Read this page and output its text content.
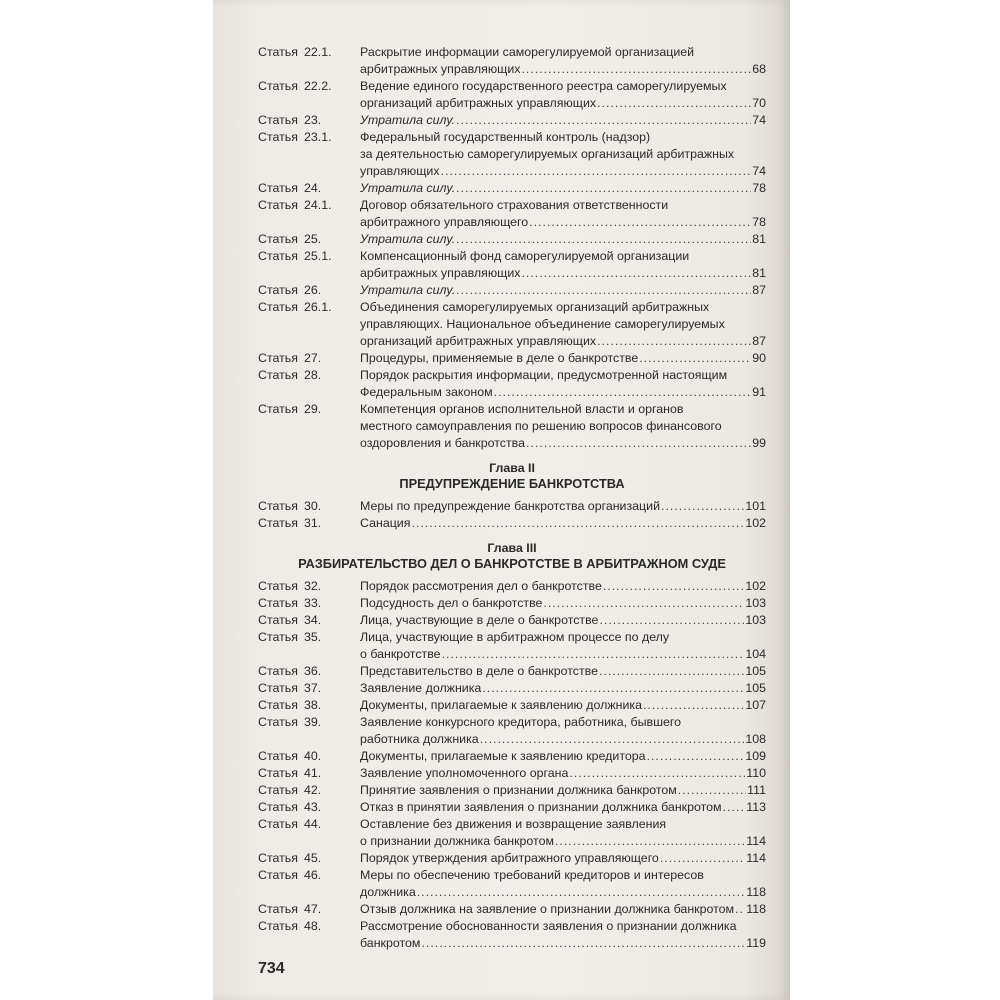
Статья 22.1.	Раскрытие информации саморегулируемой организацией
арбитражных управляющих .....	68
Статья 22.2.	Ведение единого государственного реестра саморегулируемых
организаций арбитражных управляющих .....	70
Статья 23.	Утратила силу. .....	74
Статья 23.1.	Федеральный государственный контроль (надзор)
за деятельностью саморегулируемых организаций арбитражных
управляющих .....	74
Статья 24.	Утратила силу. .....	78
Статья 24.1.	Договор обязательного страхования ответственности
арбитражного управляющего .....	78
Статья 25.	Утратила силу. .....	81
Статья 25.1.	Компенсационный фонд саморегулируемой организации
арбитражных управляющих .....	81
Статья 26.	Утратила силу. .....	87
Статья 26.1.	Объединения саморегулируемых организаций арбитражных
управляющих. Национальное объединение саморегулируемых
организаций арбитражных управляющих .....	87
Статья 27.	Процедуры, применяемые в деле о банкротстве .....	90
Статья 28.	Порядок раскрытия информации, предусмотренной настоящим
Федеральным законом .....	91
Статья 29.	Компетенция органов исполнительной власти и органов
местного самоуправления по решению вопросов финансового
оздоровления и банкротства .....	99
Глава II
ПРЕДУПРЕЖДЕНИЕ БАНКРОТСТВА
Статья 30.	Меры по предупреждение банкротства организаций .....	101
Статья 31.	Санация .....	102
Глава III
РАЗБИРАТЕЛЬСТВО ДЕЛ О БАНКРОТСТВЕ В АРБИТРАЖНОМ СУДЕ
Статья 32.	Порядок рассмотрения дел о банкротстве .....	102
Статья 33.	Подсудность дел о банкротстве .....	103
Статья 34.	Лица, участвующие в деле о банкротстве .....	103
Статья 35.	Лица, участвующие в арбитражном процессе по делу
о банкротстве .....	104
Статья 36.	Представительство в деле о банкротстве .....	105
Статья 37.	Заявление должника .....	105
Статья 38.	Документы, прилагаемые к заявлению должника .....	107
Статья 39.	Заявление конкурсного кредитора, работника, бывшего
работника должника .....	108
Статья 40.	Документы, прилагаемые к заявлению кредитора .....	109
Статья 41.	Заявление уполномоченного органа .....	110
Статья 42.	Принятие заявления о признании должника банкротом .....	111
Статья 43.	Отказ в принятии заявления о признании должника банкротом ..... 113
Статья 44.	Оставление без движения и возвращение заявления
о признании должника банкротом .....	114
Статья 45.	Порядок утверждения арбитражного управляющего .....	114
Статья 46.	Меры по обеспечению требований кредиторов и интересов
должника .....	118
Статья 47.	Отзыв должника на заявление о признании должника банкротом ..... 118
Статья 48.	Рассмотрение обоснованности заявления о признании должника
банкротом .....	119
734
